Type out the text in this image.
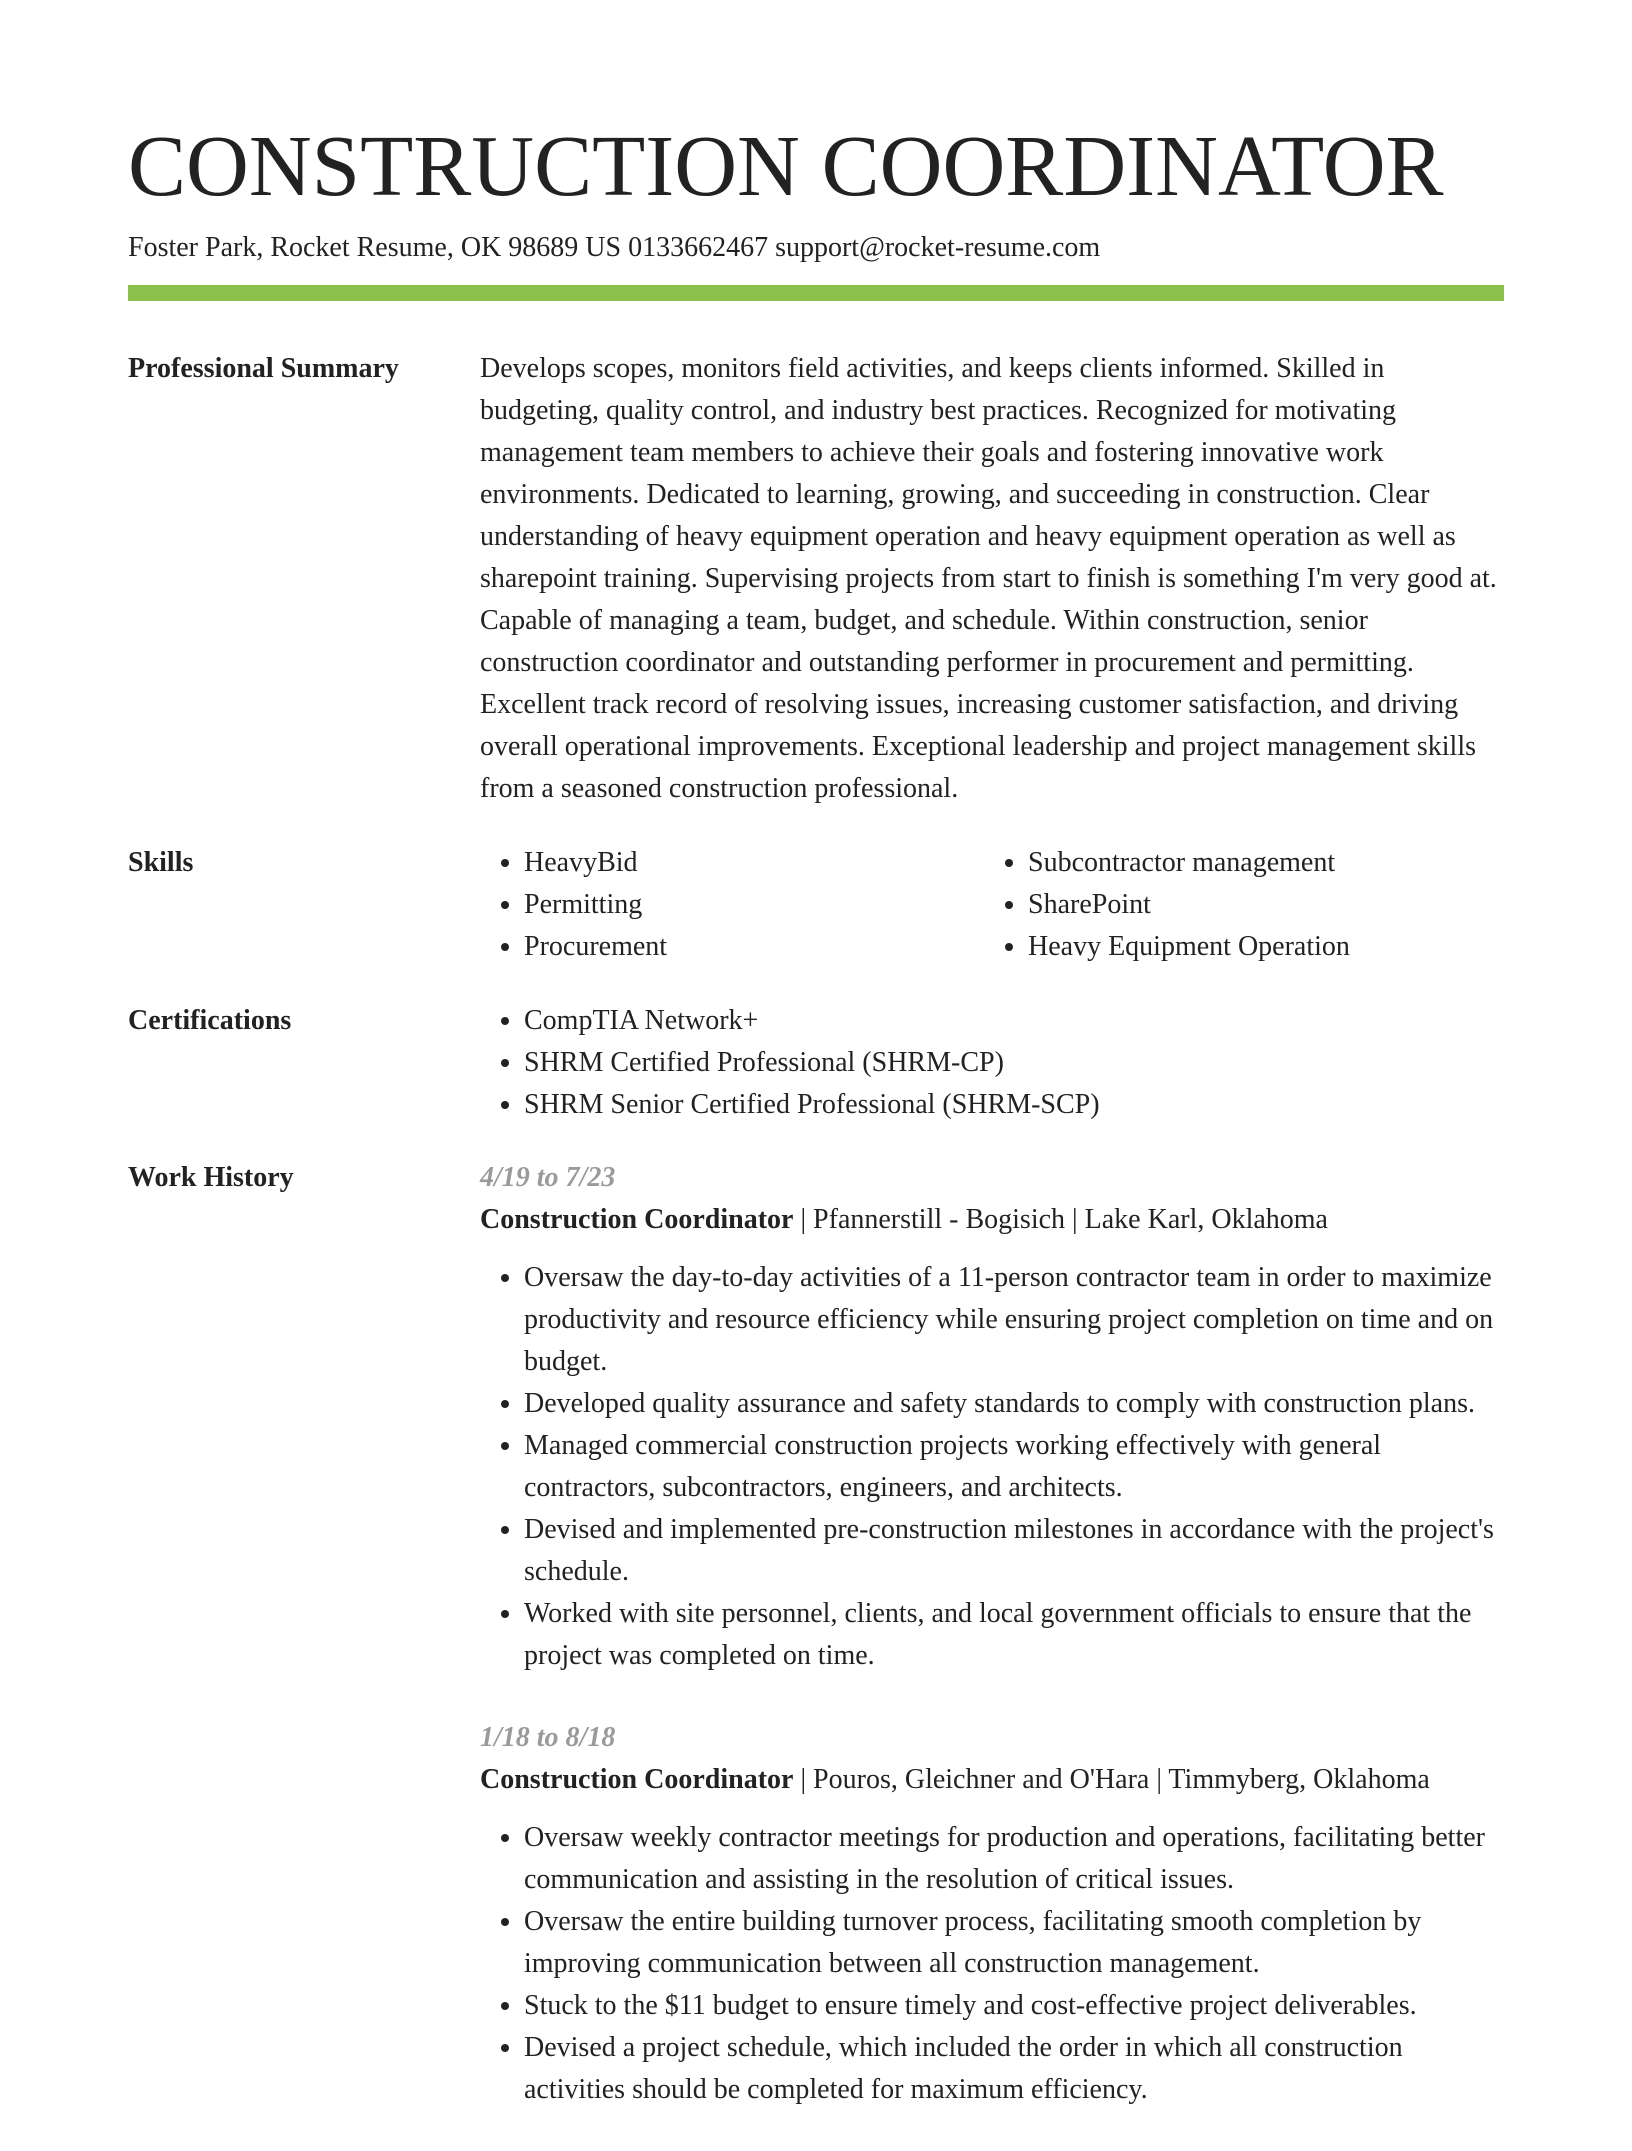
CONSTRUCTION COORDINATOR
Foster Park, Rocket Resume, OK 98689 US 0133662467 support@rocket-resume.com
Professional Summary	Develops scopes, monitors field activities, and keeps clients informed. Skilled in budgeting, quality control, and industry best practices. Recognized for motivating management team members to achieve their goals and fostering innovative work environments. Dedicated to learning, growing, and succeeding in construction. Clear understanding of heavy equipment operation and heavy equipment operation as well as sharepoint training. Supervising projects from start to finish is something I'm very good at. Capable of managing a team, budget, and schedule. Within construction, senior construction coordinator and outstanding performer in procurement and permitting. Excellent track record of resolving issues, increasing customer satisfaction, and driving overall operational improvements. Exceptional leadership and project management skills from a seasoned construction professional.

Skills	• HeavyBid
• Permitting
• Procurement
• Subcontractor management
• SharePoint
• Heavy Equipment Operation
Certifications	• CompTIA Network+
• SHRM Certified Professional (SHRM-CP)
• SHRM Senior Certified Professional (SHRM-SCP)
Work History	4/19 to 7/23
Construction Coordinator | Pfannerstill - Bogisich | Lake Karl, Oklahoma
• Oversaw the day-to-day activities of a 11-person contractor team in order to maximize productivity and resource efficiency while ensuring project completion on time and on budget.
• Developed quality assurance and safety standards to comply with construction plans.
• Managed commercial construction projects working effectively with general contractors, subcontractors, engineers, and architects.
• Devised and implemented pre-construction milestones in accordance with the project's schedule.
• Worked with site personnel, clients, and local government officials to ensure that the project was completed on time.
1/18 to 8/18
Construction Coordinator | Pouros, Gleichner and O'Hara | Timmyberg, Oklahoma
• Oversaw weekly contractor meetings for production and operations, facilitating better communication and assisting in the resolution of critical issues.
• Oversaw the entire building turnover process, facilitating smooth completion by improving communication between all construction management.
• Stuck to the $11 budget to ensure timely and cost-effective project deliverables.
• Devised a project schedule, which included the order in which all construction activities should be completed for maximum efficiency.
